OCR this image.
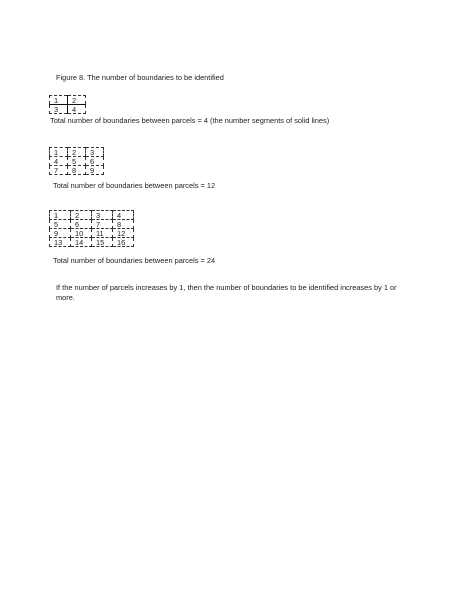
Figure 8. The number of boundaries to be identified
1	2
3	4
Total number of boundaries between parcels = 4 (the number segments of solid lines)
1	2	3
4	5	6
7	8	9
Total number of boundaries between parcels = 12
1	2	3	4
5	6	7	8
9	10	11	12
13	14	15	16
Total number of boundaries between parcels = 24
If the number of parcels increases by 1, then the number of boundaries to be identified increases by 1 or more.
